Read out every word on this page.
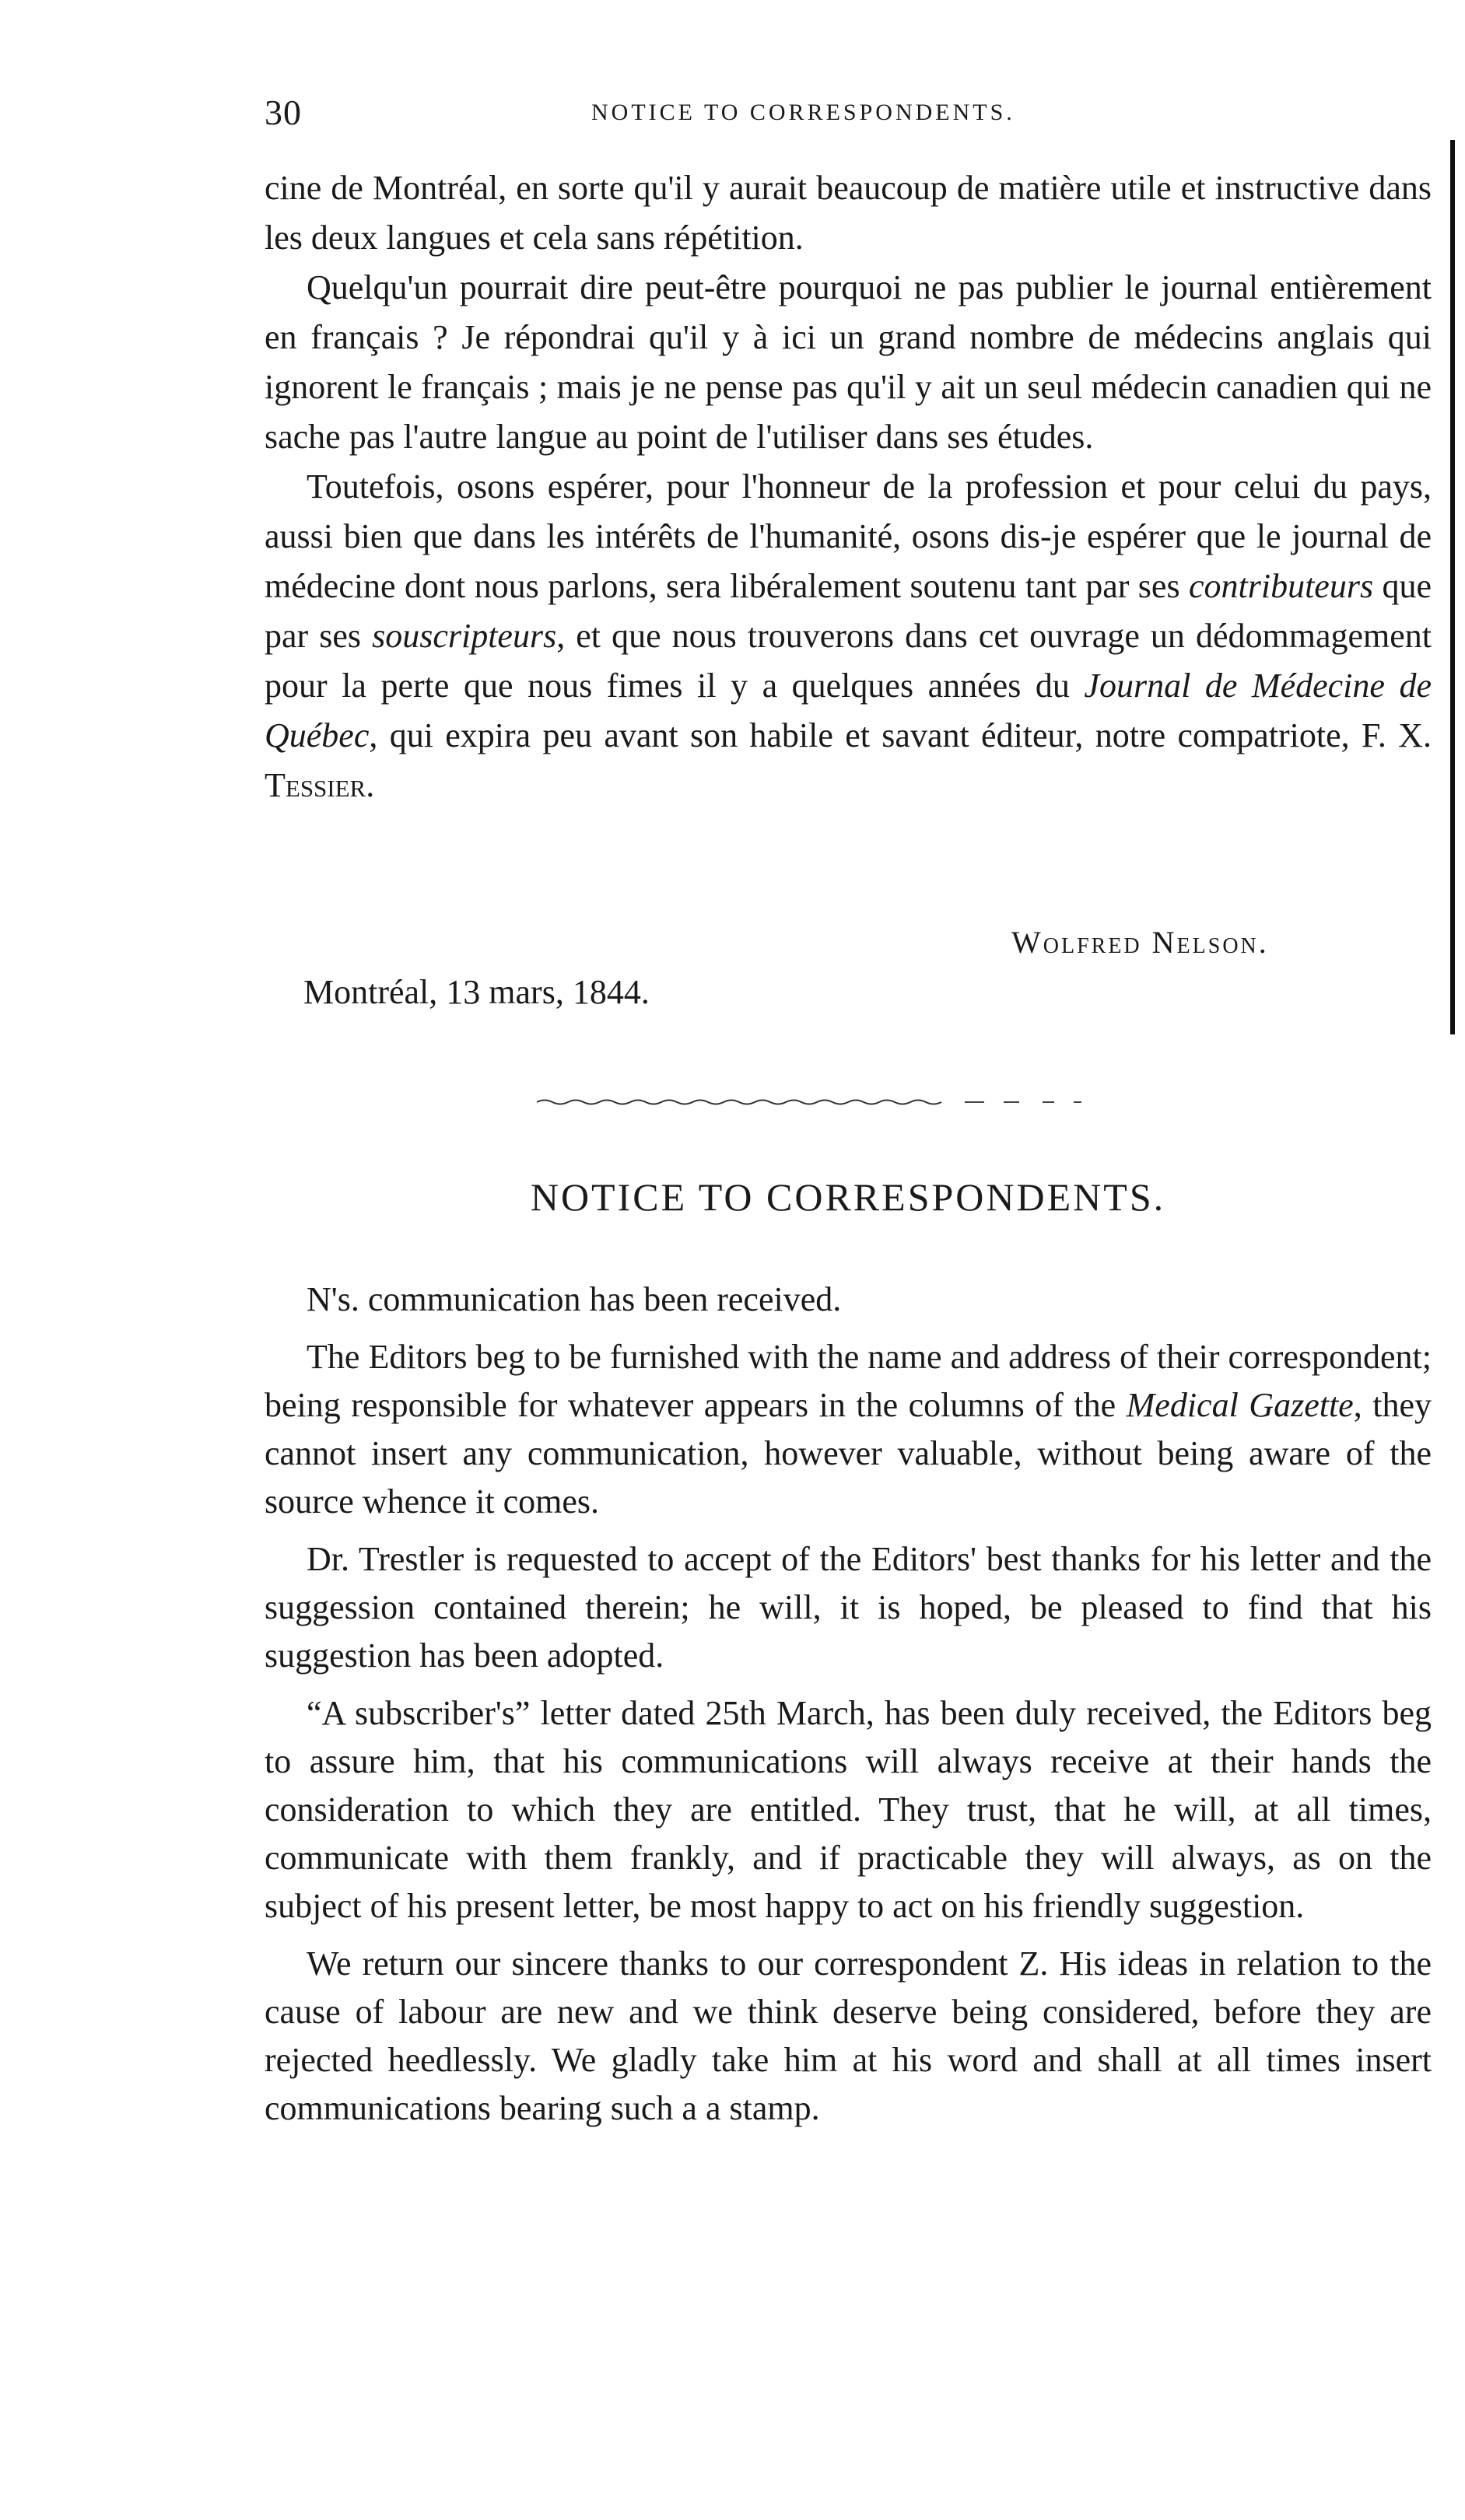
30	NOTICE TO CORRESPONDENTS.

cine de Montréal, en sorte qu'il y aurait beaucoup de matière utile et instructive dans les deux langues et cela sans répétition.

Quelqu'un pourrait dire peut-être pourquoi ne pas publier le journal entièrement en français ? Je répondrai qu'il y à ici un grand nombre de médecins anglais qui ignorent le français ; mais je ne pense pas qu'il y ait un seul médecin canadien qui ne sache pas l'autre langue au point de l'utiliser dans ses études.

Toutefois, osons espérer, pour l'honneur de la profession et pour celui du pays, aussi bien que dans les intérêts de l'humanité, osons dis-je espérer que le journal de médecine dont nous parlons, sera libéralement soutenu tant par ses contributeurs que par ses souscripteurs, et que nous trouverons dans cet ouvrage un dédommagement pour la perte que nous fimes il y a quelques années du Journal de Médecine de Québec, qui expira peu avant son habile et savant éditeur, notre compatriote, F. X. Tessier.

Wolfred Nelson.
Montréal, 13 mars, 1844.
NOTICE TO CORRESPONDENTS.

N's. communication has been received.

The Editors beg to be furnished with the name and address of their correspondent; being responsible for whatever appears in the columns of the Medical Gazette, they cannot insert any communication, however valuable, without being aware of the source whence it comes.

Dr. Trestler is requested to accept of the Editors' best thanks for his letter and the suggession contained therein; he will, it is hoped, be pleased to find that his suggestion has been adopted.

“A subscriber's” letter dated 25th March, has been duly received, the Editors beg to assure him, that his communications will always receive at their hands the consideration to which they are entitled. They trust, that he will, at all times, communicate with them frankly, and if practicable they will always, as on the subject of his present letter, be most happy to act on his friendly suggestion.

We return our sincere thanks to our correspondent Z. His ideas in relation to the cause of labour are new and we think deserve being considered, before they are rejected heedlessly. We gladly take him at his word and shall at all times insert communications bearing such a a stamp.
